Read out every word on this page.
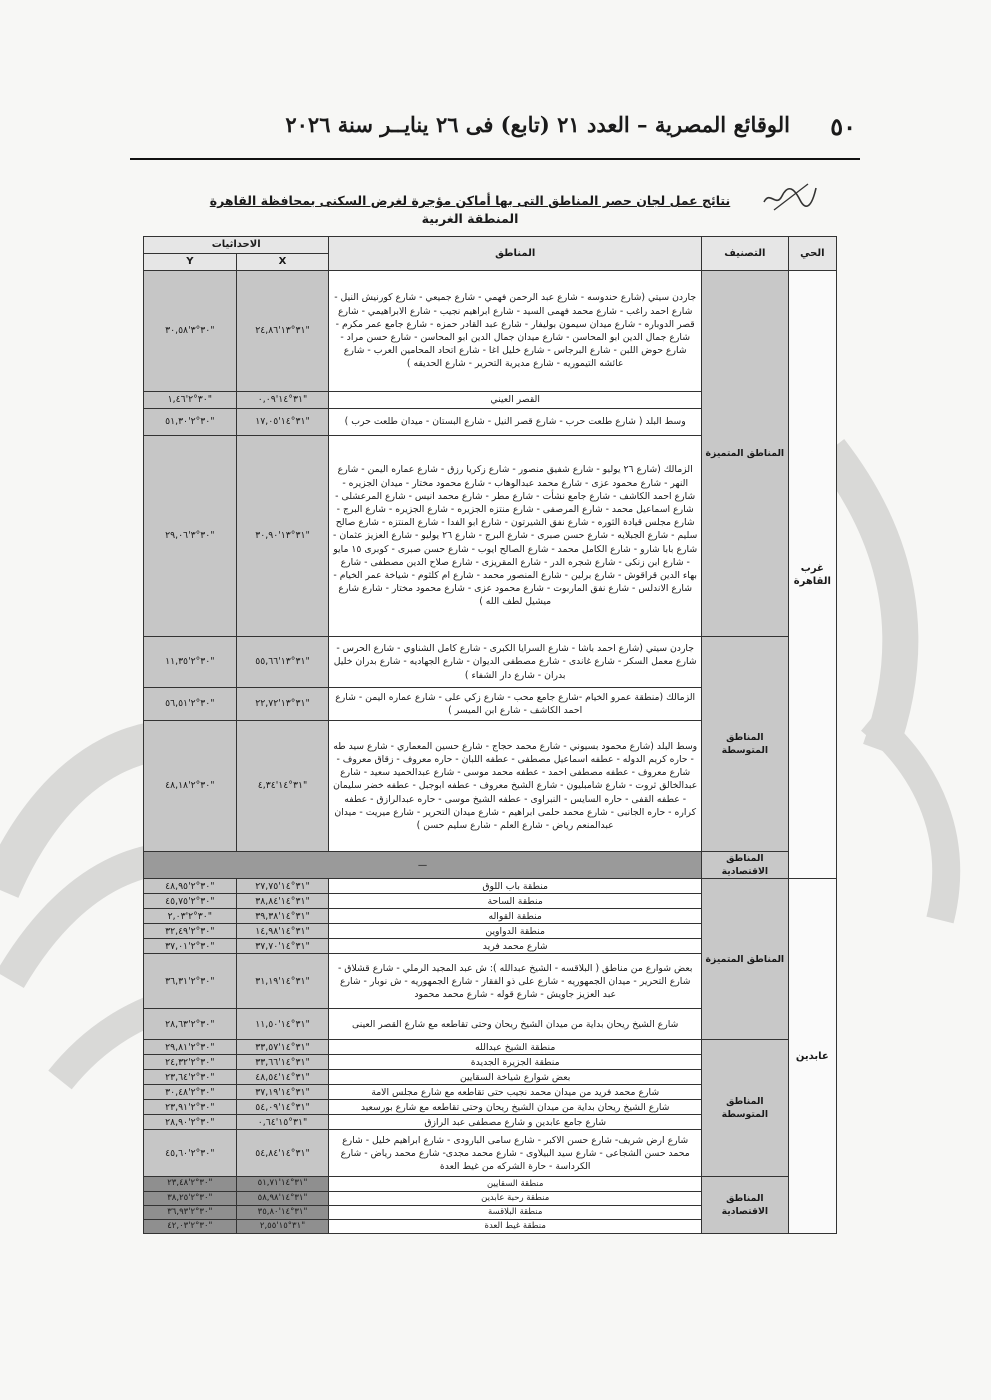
٥٠
الوقائع المصرية – العدد ٢١ (تابع) فى ٢٦ ينايــر سنة ٢٠٢٦
نتائج عمل لجان حصر المناطق التى بها أماكن مؤجرة لغرض السكنى بمحافظة القاهرة
المنطقة الغربية
الحي	التصنيف	المناطق	الاحداثيات	
			X	Y
غرب القاهرة	المناطق المتميزة	جاردن سيتي (شارع حندوسه - شارع عبد الرحمن فهمي - شارع جميعي - شارع كورنيش النيل - شارع احمد راغب - شارع محمد فهمى السيد - شارع ابراهيم نجيب - شارع الابراهيمي - شارع قصر الدوباره - شارع ميدان سيمون بوليفار - شارع عبد القادر حمزه - شارع جامع عمر مكرم - شارع جمال الدين ابو المحاسن - شارع ميدان جمال الدين ابو المحاسن - شارع حسن مراد - شارع حوض اللبن - شارع البرجاس - شارع خليل اغا - شارع اتحاد المحامين العرب - شارع عائشه التيموريه - شارع مديرية التحرير - شارع الحديقه )	٣١°١٣'٢٤,٨٦"	٣٠°٣'٣٠,٥٨"
		القصر العيني	٣١°١٤'٠,٠٩"	٣٠°٢'١,٤٦"
		وسط البلد ( شارع طلعت حرب - شارع قصر النيل - شارع البستان - ميدان طلعت حرب )	٣١°١٤'١٧,٠٥"	٣٠°٢'٥١,٣٠"
		الزمالك (شارع ٢٦ يوليو - شارع شفيق منصور - شارع زكريا رزق - شارع عماره اليمن - شارع النهر - شارع محمود عزى - شارع محمد عبدالوهاب - شارع محمود مختار - ميدان الجزيره - شارع احمد الكاشف - شارع جامع نشأت - شارع مطر - شارع محمد انيس - شارع المرعشلى - شارع اسماعيل محمد - شارع المرصفى - شارع منتزه الجزيره - شارع الجزيره - شارع البرج - شارع مجلس قيادة الثوره - شارع نفق الشيرتون - شارع ابو الفدا - شارع المنتزه - شارع صالح سليم - شارع الجبلايه - شارع حسن صبرى - شارع البرج - شارع ٢٦ يوليو - شارع العزيز عثمان - شارع بابا شارو - شارع الكامل محمد - شارع الصالح ايوب - شارع حسن صبرى - كوبرى ١٥ مايو - شارع ابن زنكى - شارع شجره الدر - شارع المقريزى - شارع صلاح الدين مصطفى - شارع بهاء الدين قراقوش - شارع برلين - شارع المنصور محمد - شارع ام كلثوم - شياخة عمر الخيام - شارع الاندلس - شارع نفق الماربوت - شارع محمود عزى - شارع محمود مختار - شارع شارع ميشيل لطف الله )	٣١°١٣'٣٠,٩٠"	٣٠°٣'٢٩,٠٦"
	المناطق المتوسطة	جاردن سيتي (شارع احمد باشا - شارع السرايا الكبرى - شارع كامل الشناوي - شارع الحرس - شارع معمل السكر - شارع غاندى - شارع مصطفى الديوان - شارع الجهاديه - شارع بدران خليل بدران - شارع دار الشفاء )	٣١°١٣'٥٥,٦٦"	٣٠°٢'١١,٣٥"
		الزمالك (منطقة عمرو الخيام -شارع جامع محب - شارع زكي على - شارع عماره اليمن - شارع احمد الكاشف - شارع ابن الميسر )	٣١°١٣'٢٢,٧٢"	٣٠°٢'٥٦,٥١"
		وسط البلد (شارع محمود بسيوني - شارع محمد حجاج - شارع حسين المعماري - شارع سيد طه - حاره كريم الدوله - عطفه اسماعيل مصطفى - عطفه اللبان - حاره معروف - زقاق معروف - شارع معروف - عطفه مصطفى احمد - عطفه محمد موسى - شارع عبدالحميد سعيد - شارع عبدالخالق ثروت - شارع شامبليون - شارع الشيخ معروف - عطفه ابوجبل - عطفه خضر سليمان - عطفه القفى - حاره السايس - النبراوى - عطفه الشيخ موسى - حاره عبدالرازق - عطفه كراره - حاره الجانبى - شارع محمد حلمى ابراهيم - شارع ميدان التحرير - شارع ميريت - ميدان عبدالمنعم رياض - شارع العلم - شارع سليم حسن )	٣١°١٤'٤,٣٤"	٣٠°٢'٤٨,١٨"
	المناطق الاقتصادية	—		
عابدين	المناطق المتميزة	منطقة باب اللوق	٣١°١٤'٢٧,٧٥"	٣٠°٢'٤٨,٩٥"
		منطقة الساحة	٣١°١٤'٣٨,٨٤"	٣٠°٢'٤٥,٧٥"
		منطقة القواله	٣١°١٤'٣٩,٣٨"	٣٠°٢'٢,٠٣"
		منطقة الدواوين	٣١°١٤'١٤,٩٨"	٣٠°٢'٣٢,٤٩"
		شارع محمد فريد	٣١°١٤'٣٧,٧٠"	٣٠°٢'٣٧,٠١"
		بعض شوارع من مناطق ( البلاقسه - الشيخ عبدالله ): ش عبد المجيد الرملي - شارع قشلاق - شارع التحرير - ميدان الجمهوريه - شارع على ذو الفقار - شارع الجمهوريه - ش نوبار - شارع عبد العزيز جاويش - شارع قوله - شارع محمد محمود	٣١°١٤'٣١,١٩"	٣٠°٢'٣٦,٣١"
		شارع الشيخ ريحان بداية من ميدان الشيخ ريحان وحتى تقاطعه مع شارع القصر العينى	٣١°١٤'١١,٥٠"	٣٠°٢'٢٨,٦٣"
	المناطق المتوسطة	منطقة الشيخ عبدالله	٣١°١٤'٣٣,٥٧"	٣٠°٢'٢٩,٨١"
		منطقة الجزيرة الجديدة	٣١°١٤'٣٣,٦٦"	٣٠°٢'٢٤,٣٢"
		بعض شوارع شياخة السقايين	٣١°١٤'٤٨,٥٤"	٣٠°٢'٢٣,٦٤"
		شارع محمد فريد من ميدان محمد نجيب حتى تقاطعه مع شارع مجلس الامة	٣١°١٤'٣٧,١٩"	٣٠°٢'٣٠,٤٨"
		شارع الشيخ ريحان بداية من ميدان الشيخ ريحان وحتى تقاطعه مع شارع بورسعيد	٣١°١٤'٥٤,٠٩"	٣٠°٢'٢٣,٩١"
		شارع جامع عابدين و شارع مصطفى عبد الرازق	٣١°١٥'٠,٦٤"	٣٠°٢'٢٨,٩٠"
		شارع ارض شريف- شارع حسن الاكبر - شارع سامى البارودى - شارع ابراهيم خليل - شارع محمد حسن الشجاعى - شارع سيد البيلاوى - شارع محمد مجدى- شارع محمد رياض - شارع الكرداسة - حارة الشركه من غيط العدة	٣١°١٤'٥٤,٨٤"	٣٠°٢'٤٥,٦٠"
	المناطق الاقتصادية	منطقة السقايين	٣١°١٤'٥١,٧١"	٣٠°٢'٢٣,٤٨"
		منطقة رحبة عابدين	٣١°١٤'٥٨,٩٨"	٣٠°٢'٣٨,٢٥"
		منطقة البلاقسة	٣١°١٤'٣٥,٨٠"	٣٠°٢'٣٦,٩٣"
		منطقة غيط العدة	٣١°١٥'٢,٥٥"	٣٠°٢'٤٢,٠٣"
